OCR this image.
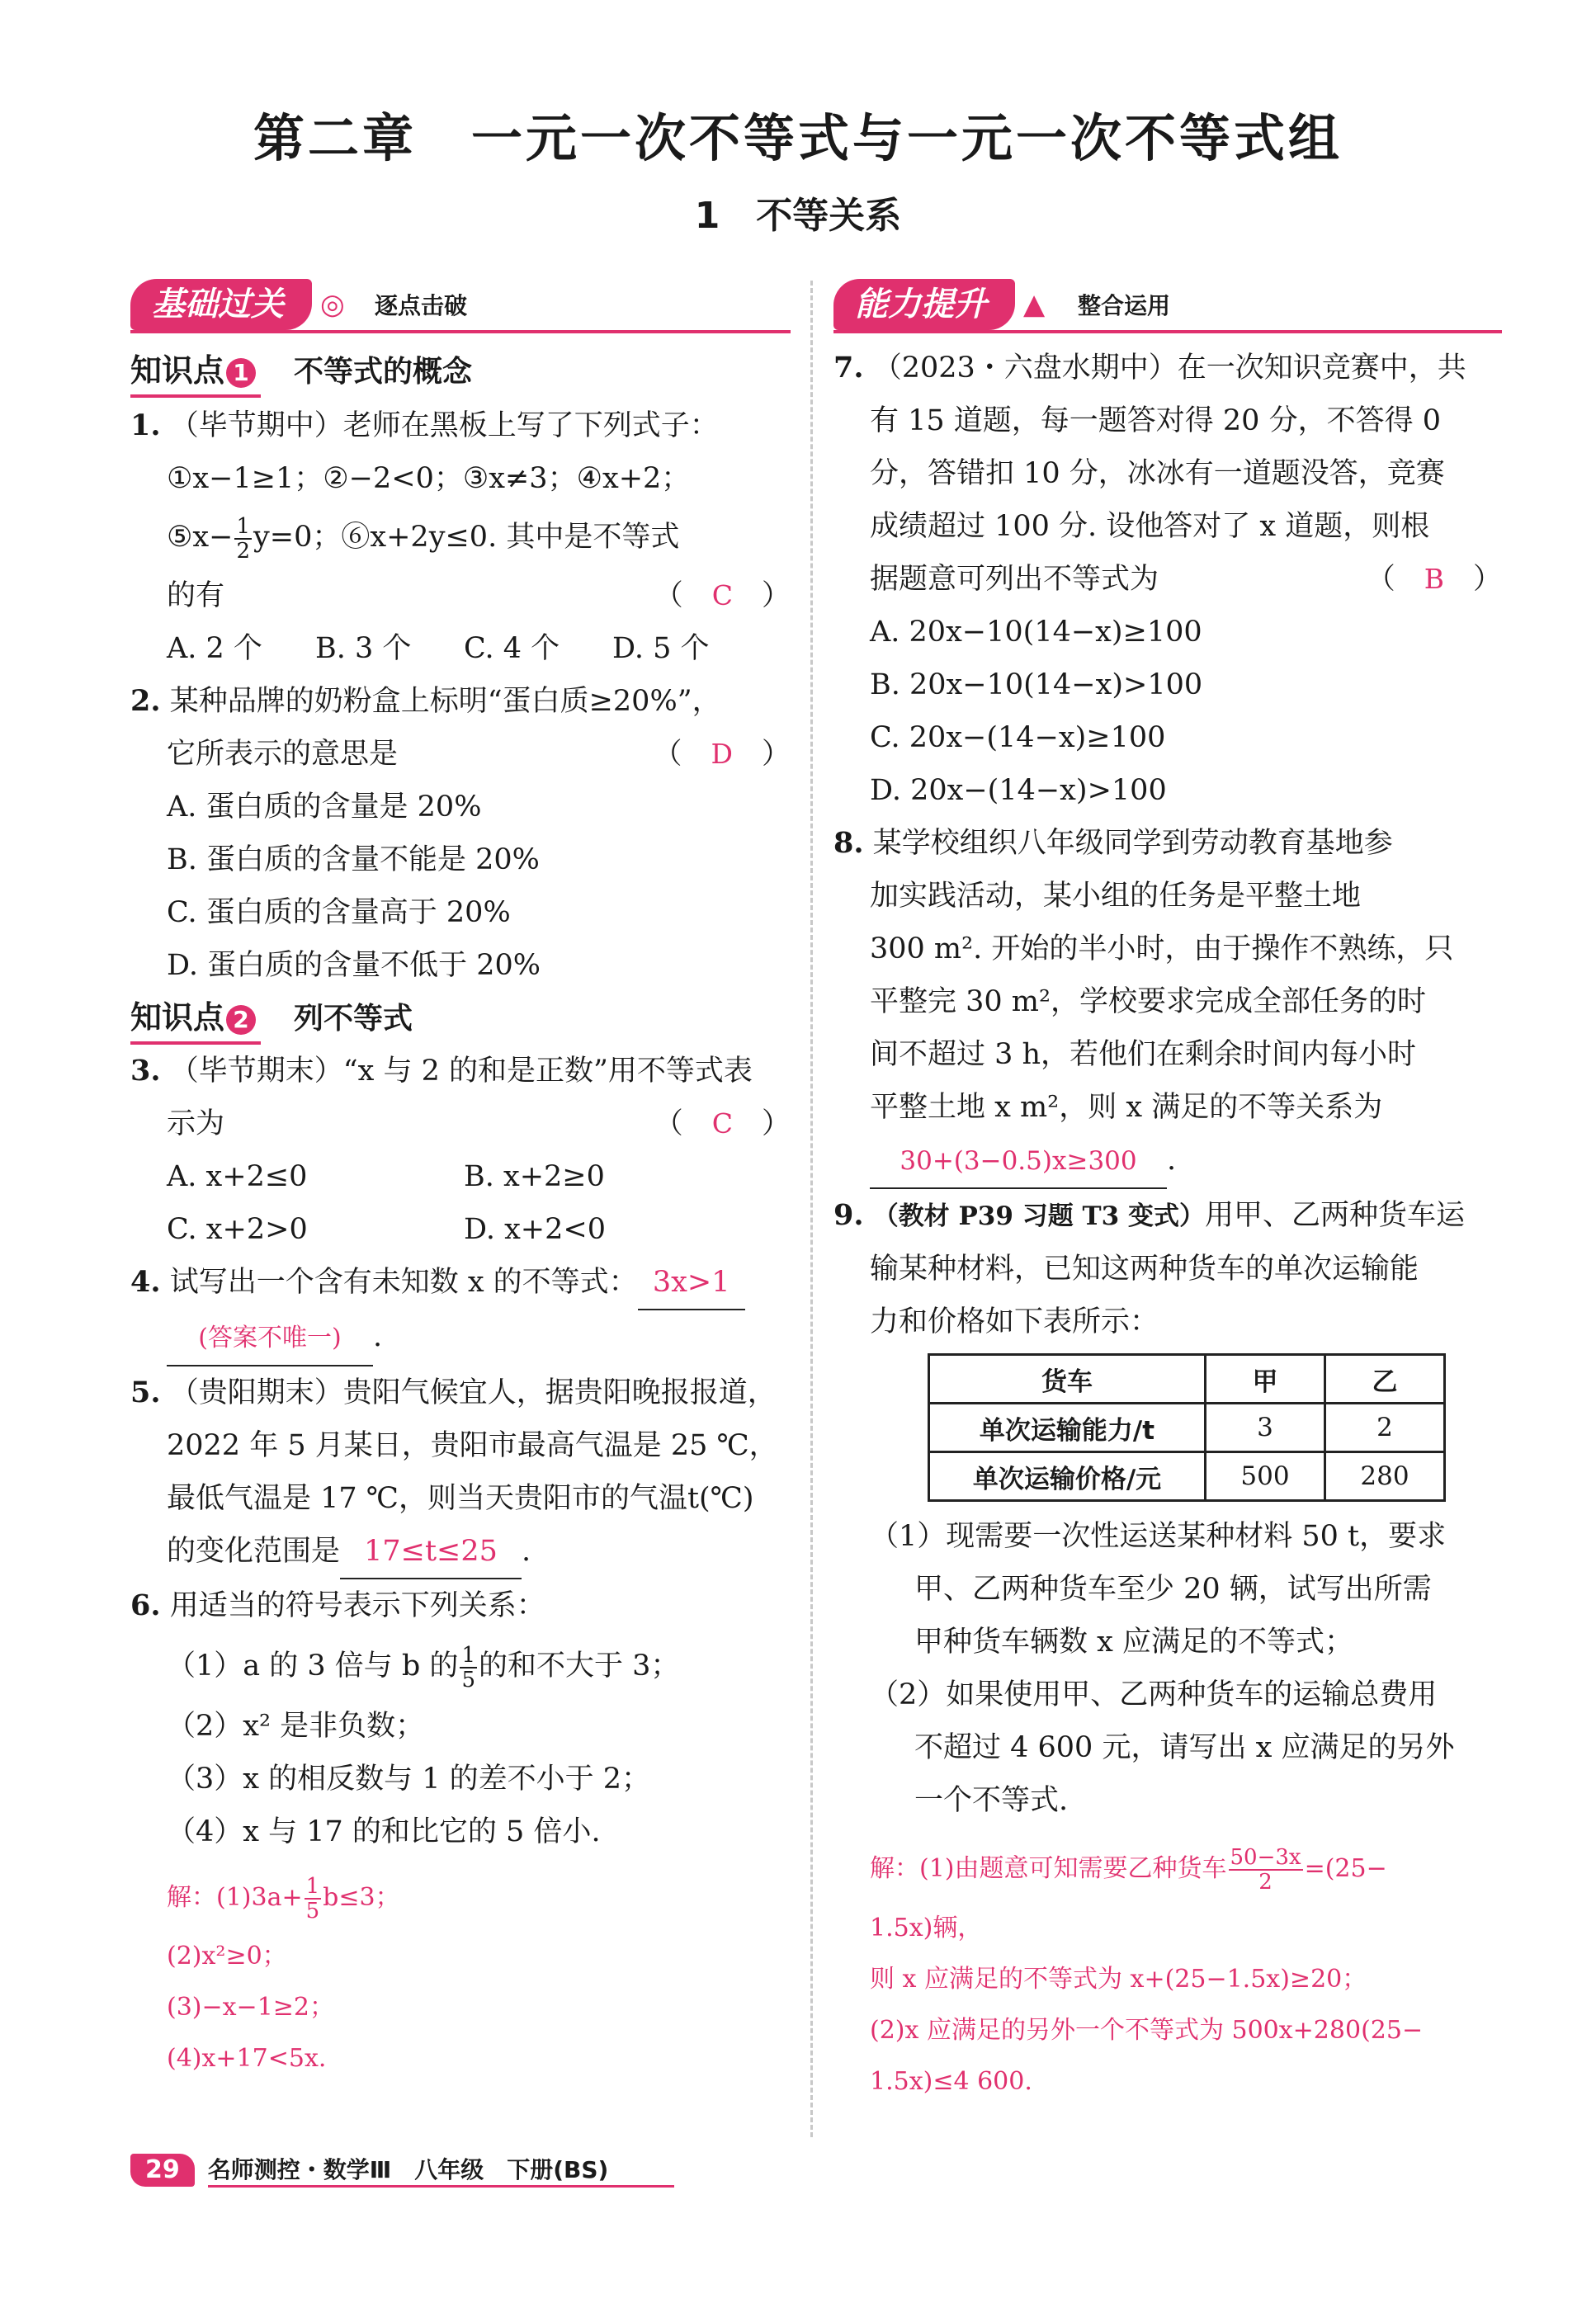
第二章　一元一次不等式与一元一次不等式组
1　不等关系
基础过关 ◎ 逐点击破
知识点 1 不等式的概念
1. （毕节期中）老师在黑板上写了下列式子：
①x−1≥1；②−2<0；③x≠3；④x+2；
⑤x− $\frac{1}{2} y=0$；⑥x+2y≤0. 其中是不等式
的有	（　C　）
A. 2 个 B. 3 个 C. 4 个 D. 5 个
2. 某种品牌的奶粉盒上标明“蛋白质≥20%”，
它所表示的意思是	（　D　）
A. 蛋白质的含量是 20%
B. 蛋白质的含量不能是 20%
C. 蛋白质的含量高于 20%
D. 蛋白质的含量不低于 20%
知识点 2 列不等式
3. （毕节期末）“x 与 2 的和是正数”用不等式表
示为	（　C　）
A. x+2≤0	B. x+2≥0
C. x+2>0	D. x+2<0
4. 试写出一个含有未知数 x 的不等式： 3x>1
(答案不唯一) .
5. （贵阳期末）贵阳气候宜人，据贵阳晚报报道，
2022 年 5 月某日，贵阳市最高气温是 25 ℃，
最低气温是 17 ℃，则当天贵阳市的气温t(℃)
的变化范围是 17≤t≤25 .
6. 用适当的符号表示下列关系：
（1）a 的 3 倍与 b 的 $\frac{1}{5}$ 的和不大于 3；
（2）x² 是非负数；
（3）x 的相反数与 1 的差不小于 2；
（4）x 与 17 的和比它的 5 倍小.
解：$(1)3a+ \frac{1}{5} b\le 3$；
(2)x²≥0；
(3)−x−1≥2；
(4)x+17<5x.
能力提升 ▲ 整合运用
7. （2023・六盘水期中）在一次知识竞赛中，共
有 15 道题，每一题答对得 20 分，不答得 0
分，答错扣 10 分，冰冰有一道题没答，竞赛
成绩超过 100 分. 设他答对了 x 道题，则根
据题意可列出不等式为	（　B　）
A. 20x−10(14−x)≥100
B. 20x−10(14−x)>100
C. 20x−(14−x)≥100
D. 20x−(14−x)>100
8. 某学校组织八年级同学到劳动教育基地参
加实践活动，某小组的任务是平整土地
300 m². 开始的半小时，由于操作不熟练，只
平整完 30 m²，学校要求完成全部任务的时
间不超过 3 h，若他们在剩余时间内每小时
平整土地 x m²，则 x 满足的不等关系为
30+(3−0.5)x≥300 .
9. （教材 P39 习题 T3 变式）用甲、乙两种货车运
输某种材料，已知这两种货车的单次运输能
力和价格如下表所示：
货车	甲	乙
单次运输能力/t	3	2
单次运输价格/元	500	280
（1）现需要一次性运送某种材料 50 t，要求
甲、乙两种货车至少 20 辆，试写出所需
甲种货车辆数 x 应满足的不等式；
（2）如果使用甲、乙两种货车的运输总费用
不超过 4 600 元，请写出 x 应满足的另外
一个不等式.
解：(1)由题意可知需要乙种货车 $\frac{50-3x}{2} =(25-$
1.5x)辆，
则 x 应满足的不等式为 x+(25−1.5x)≥20；
(2)x 应满足的另外一个不等式为 500x+280(25−
1.5x)≤4 600.
29 名师测控・数学Ⅲ　八年级　下册(BS)
